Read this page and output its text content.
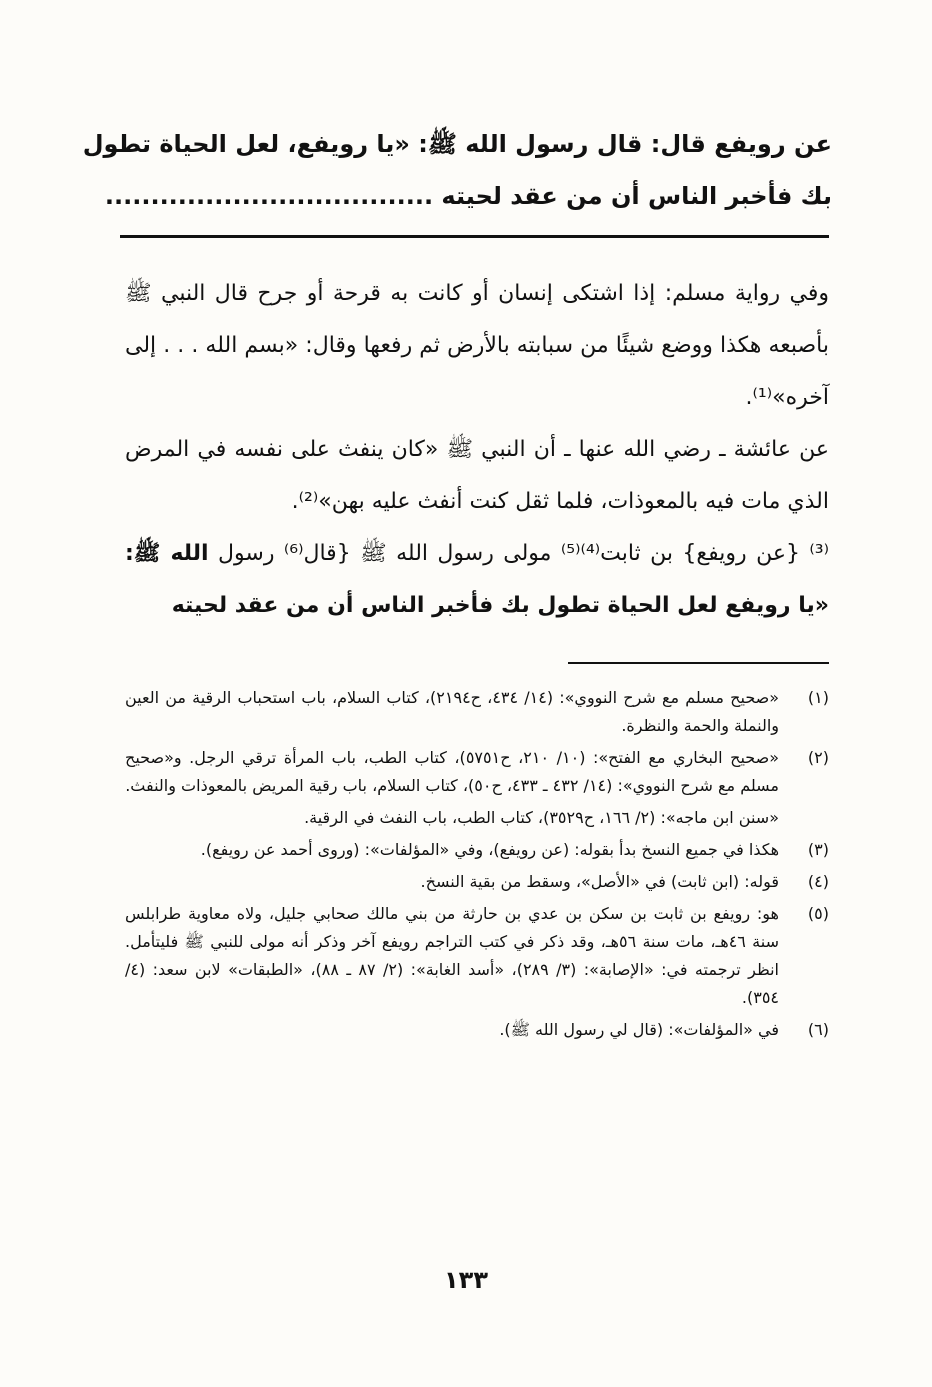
عن رويفع قال: قال رسول الله ﷺ: «يا رويفع، لعل الحياة تطول
بك فأخبر الناس أن من عقد لحيته ....................................

وفي رواية مسلم: إذا اشتكى إنسان أو كانت به قرحة أو جرح قال النبي ﷺ بأصبعه هكذا ووضع شيئًا من سبابته بالأرض ثم رفعها وقال: «بسم الله . . . إلى آخره»⁽¹⁾.

عن عائشة ـ رضي الله عنها ـ أن النبي ﷺ «كان ينفث على نفسه في المرض الذي مات فيه بالمعوذات، فلما ثقل كنت أنفث عليه بهن»⁽²⁾.

⁽³⁾ {عن رويفع} بن ثابت⁽⁴⁾⁽⁵⁾ مولى رسول الله ﷺ {قال⁽⁶⁾ رسول الله ﷺ: «يا رويفع لعل الحياة تطول بك فأخبر الناس أن من عقد لحيته

(١)
«صحيح مسلم مع شرح النووي»: (١٤/ ٤٣٤، ح٢١٩٤)، كتاب السلام، باب استحباب الرقية من العين والنملة والحمة والنظرة.
(٢)
«صحيح البخاري مع الفتح»: (١٠/ ٢١٠، ح٥٧٥١)، كتاب الطب، باب المرأة ترقي الرجل. و«صحيح مسلم مع شرح النووي»: (١٤/ ٤٣٢ ـ ٤٣٣، ح٥٠)، كتاب السلام، باب رقية المريض بالمعوذات والنفث.
«سنن ابن ماجه»: (٢/ ١٦٦، ح٣٥٢٩)، كتاب الطب، باب النفث في الرقية.
(٣)
هكذا في جميع النسخ بدأ بقوله: (عن رويفع)، وفي «المؤلفات»: (وروى أحمد عن رويفع).
(٤)
قوله: (ابن ثابت) في «الأصل»، وسقط من بقية النسخ.
(٥)
هو: رويفع بن ثابت بن سكن بن عدي بن حارثة من بني مالك صحابي جليل، ولاه معاوية طرابلس سنة ٤٦هـ، مات سنة ٥٦هـ، وقد ذكر في كتب التراجم رويفع آخر وذكر أنه مولى للنبي ﷺ فليتأمل. انظر ترجمته في: «الإصابة»: (٣/ ٢٨٩)، «أسد الغابة»: (٢/ ٨٧ ـ ٨٨)، «الطبقات» لابن سعد: (٤/ ٣٥٤).
(٦)
في «المؤلفات»: (قال لي رسول الله ﷺ).
١٣٣
